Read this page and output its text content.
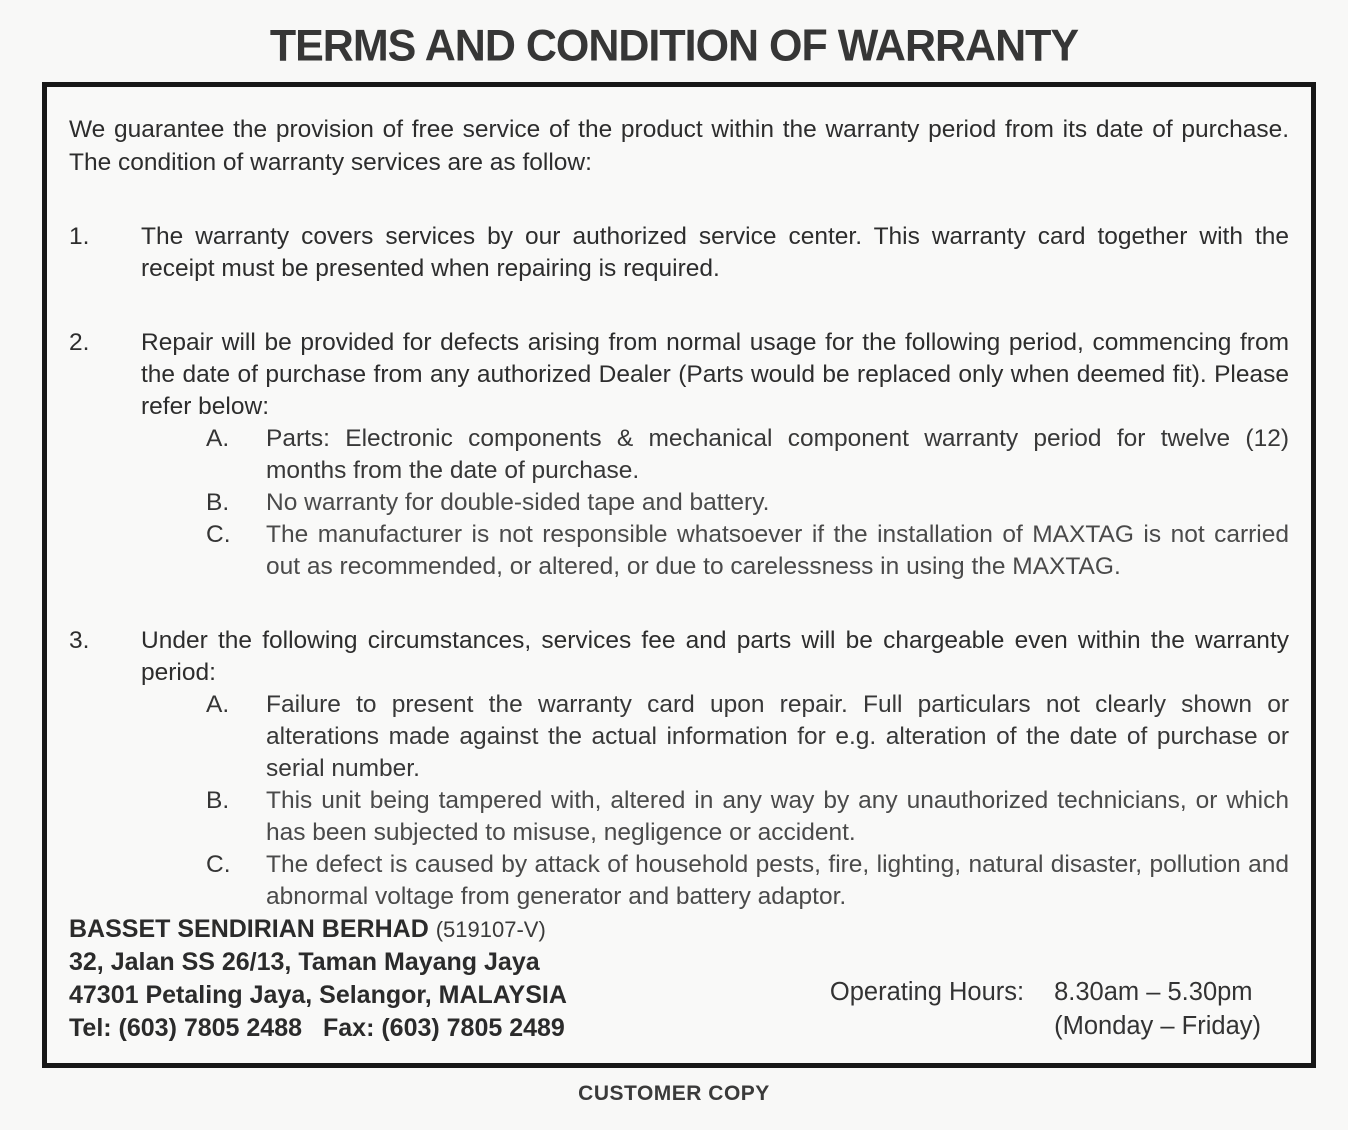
TERMS AND CONDITION OF WARRANTY

We guarantee the provision of free service of the product within the warranty period from its date of purchase. The condition of warranty services are as follow:

1.	The warranty covers services by our authorized service center. This warranty card together with the receipt must be presented when repairing is required.

2.	Repair will be provided for defects arising from normal usage for the following period, commencing from the date of purchase from any authorized Dealer (Parts would be replaced only when deemed fit). Please refer below:

A.	Parts: Electronic components & mechanical component warranty period for twelve (12) months from the date of purchase.

B.	No warranty for double-sided tape and battery.

C.	The manufacturer is not responsible whatsoever if the installation of MAXTAG is not carried out as recommended, or altered, or due to carelessness in using the MAXTAG.

3.	Under the following circumstances, services fee and parts will be chargeable even within the warranty period:

A.	Failure to present the warranty card upon repair. Full particulars not clearly shown or alterations made against the actual information for e.g. alteration of the date of purchase or serial number.

B.	This unit being tampered with, altered in any way by any unauthorized technicians, or which has been subjected to misuse, negligence or accident.

C.	The defect is caused by attack of household pests, fire, lighting, natural disaster, pollution and abnormal voltage from generator and battery adaptor.

BASSET SENDIRIAN BERHAD (519107-V)
32, Jalan SS 26/13, Taman Mayang Jaya
47301 Petaling Jaya, Selangor, MALAYSIA
Tel: (603) 7805 2488 Fax: (603) 7805 2489
Operating Hours: 8.30am – 5.30pm
(Monday – Friday)
CUSTOMER COPY
